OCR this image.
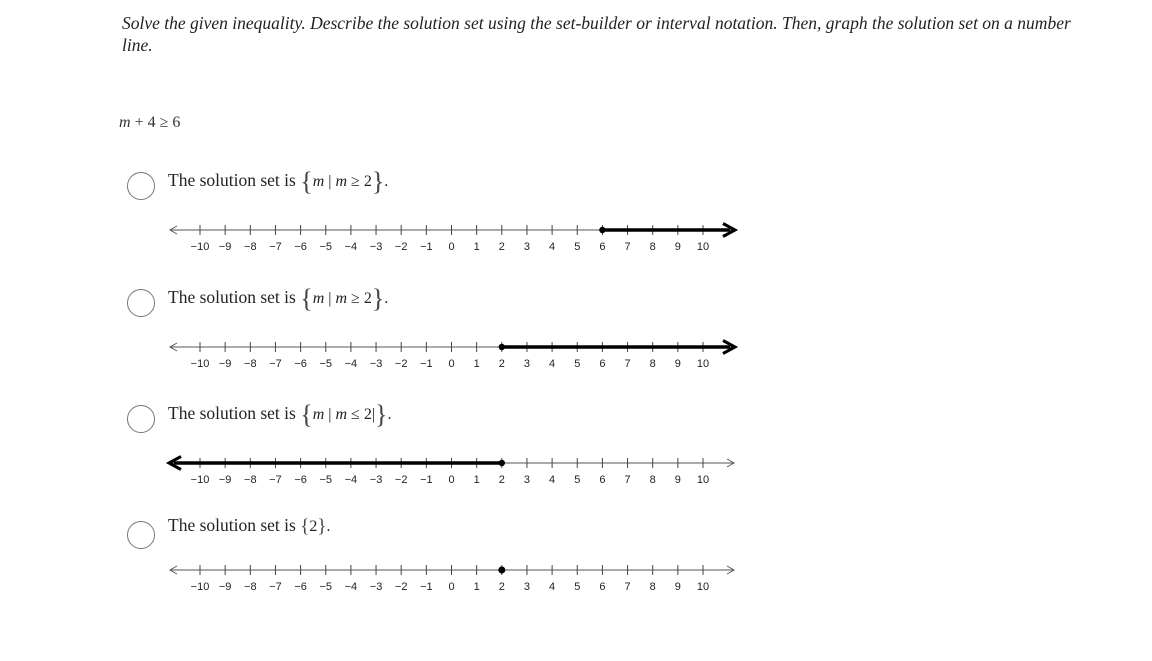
Solve the given inequality. Describe the solution set using the set-builder or interval notation. Then, graph the solution set on a number line.
m + 4 ≥ 6
The solution set is {m | m ≥ 2}.
−10 −9 −8 −7 −6 −5 −4 −3 −2 −1 0 1 2 3 4 5 6 7 8 9 10
The solution set is {m | m ≥ 2}.
−10 −9 −8 −7 −6 −5 −4 −3 −2 −1 0 1 2 3 4 5 6 7 8 9 10
The solution set is {m | m ≤ 2|}.
−10 −9 −8 −7 −6 −5 −4 −3 −2 −1 0 1 2 3 4 5 6 7 8 9 10
The solution set is {2}.
−10 −9 −8 −7 −6 −5 −4 −3 −2 −1 0 1 2 3 4 5 6 7 8 9 10
